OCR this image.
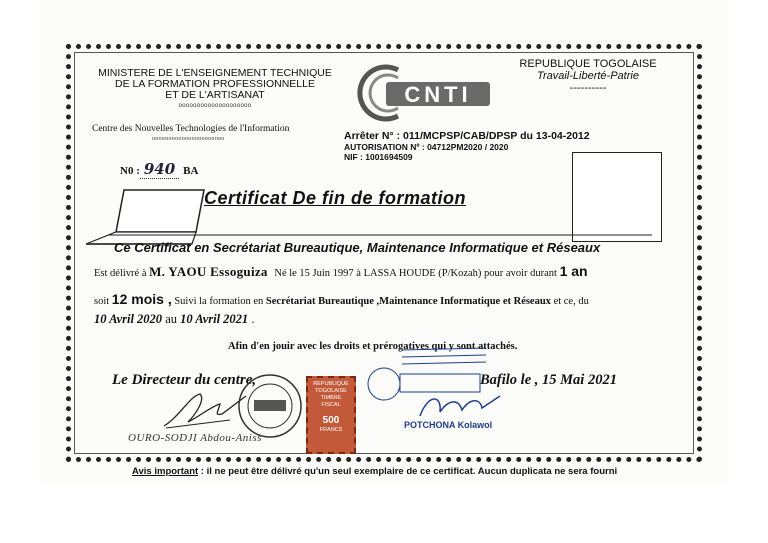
MINISTERE DE L'ENSEIGNEMENT TECHNIQUE
DE LA FORMATION PROFESSIONNELLE
ET DE L'ARTISANAT
oooooooooooooooooooo
Centre des Nouvelles Technologies de l'Information
oooooooooooooooooooooo
N0 : 940 BA
CNTI
REPUBLIQUE TOGOLAISE
Travail-Liberté-Patrie
----------
Arrêter N° : 011/MCPSP/CAB/DPSP du 13-04-2012
AUTORISATION Nº : 04712PM2020 / 2020
NIF : 1001694509
Certificat De fin de formation
Ce Certificat en Secrétariat Bureautique, Maintenance Informatique et Réseaux
Est délivré à M. YAOU Essoguiza Né le 15 Juin 1997 à LASSA HOUDE (P/Kozah) pour avoir durant 1 an
soit 12 mois , Suivi la formation en Secrétariat Bureautique ,Maintenance Informatique et Réseaux et ce, du
10 Avril 2020 au 10 Avril 2021 .
Afin d'en jouir avec les droits et prérogatives qui y sont attachés.
Le Directeur du centre,	Bafilo le , 15 Mai 2021
REPUBLIQUE
TOGOLAISE
TIMBRE
FISCAL
500
FRANCS
OURO-SODJI Abdou-Aniss
POTCHONA Kolawol
Avis important : il ne peut être délivré qu'un seul exemplaire de ce certificat. Aucun duplicata ne sera fourni
